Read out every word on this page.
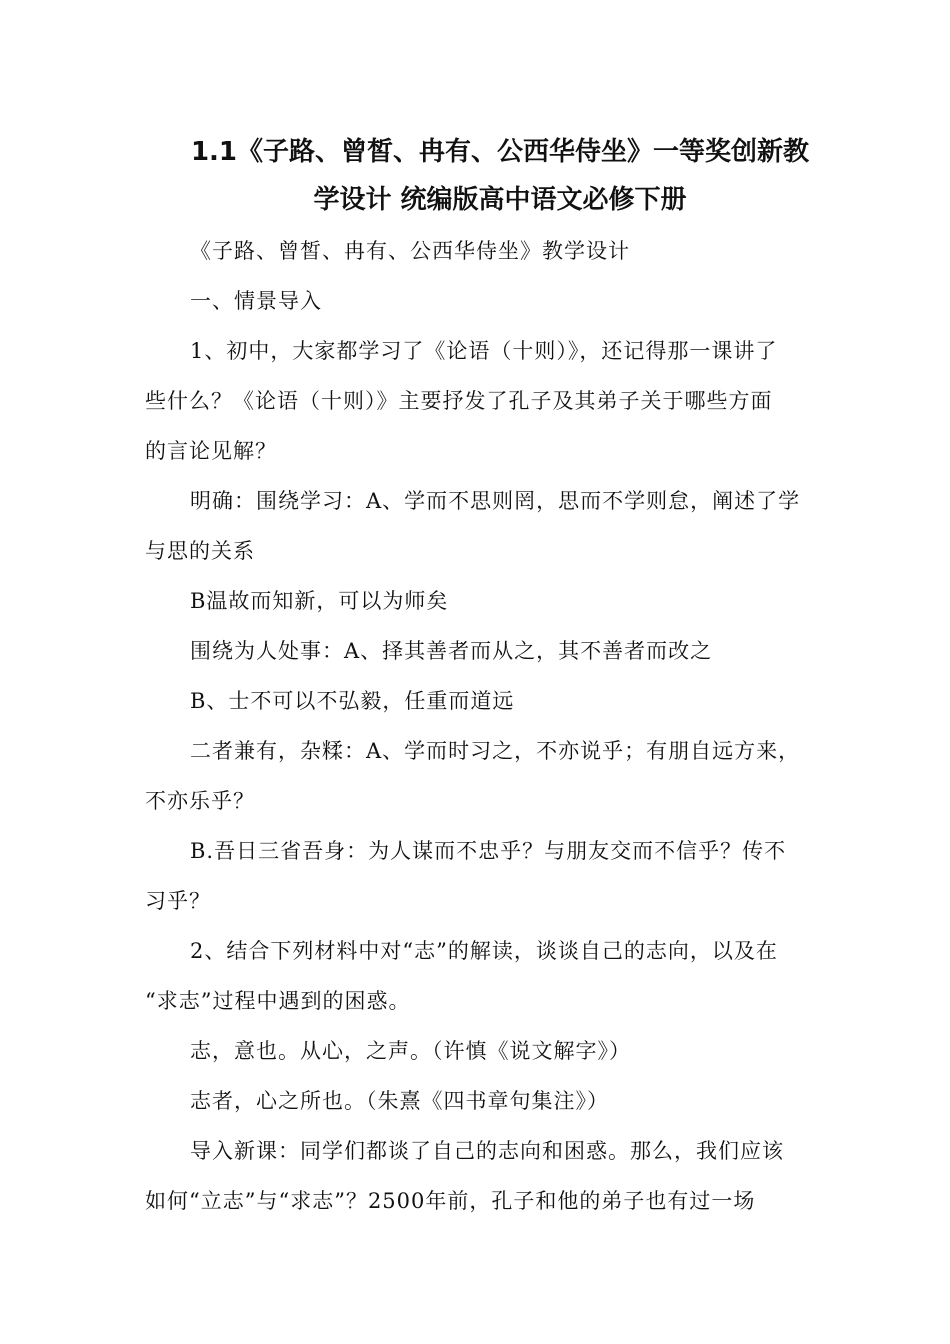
1.1《子路、曾皙、冉有、公西华侍坐》一等奖创新教
学设计 统编版高中语文必修下册
《子路、曾皙、冉有、公西华侍坐》教学设计
一、情景导入
1、初中，大家都学习了《论语（十则）》，还记得那一课讲了
些什么？《论语（十则）》主要抒发了孔子及其弟子关于哪些方面
的言论见解？
明确：围绕学习：A、学而不思则罔，思而不学则怠，阐述了学
与思的关系
B温故而知新，可以为师矣
围绕为人处事：A、择其善者而从之，其不善者而改之
B、士不可以不弘毅，任重而道远
二者兼有，杂糅：A、学而时习之，不亦说乎；有朋自远方来，
不亦乐乎？
B.吾日三省吾身：为人谋而不忠乎？与朋友交而不信乎？传不
习乎？
2、结合下列材料中对“志”的解读，谈谈自己的志向，以及在
“求志”过程中遇到的困惑。
志，意也。从心，之声。（许慎《说文解字》）
志者，心之所也。（朱熹《四书章句集注》）
导入新课：同学们都谈了自己的志向和困惑。那么，我们应该
如何“立志”与“求志”？2500年前，孔子和他的弟子也有过一场
